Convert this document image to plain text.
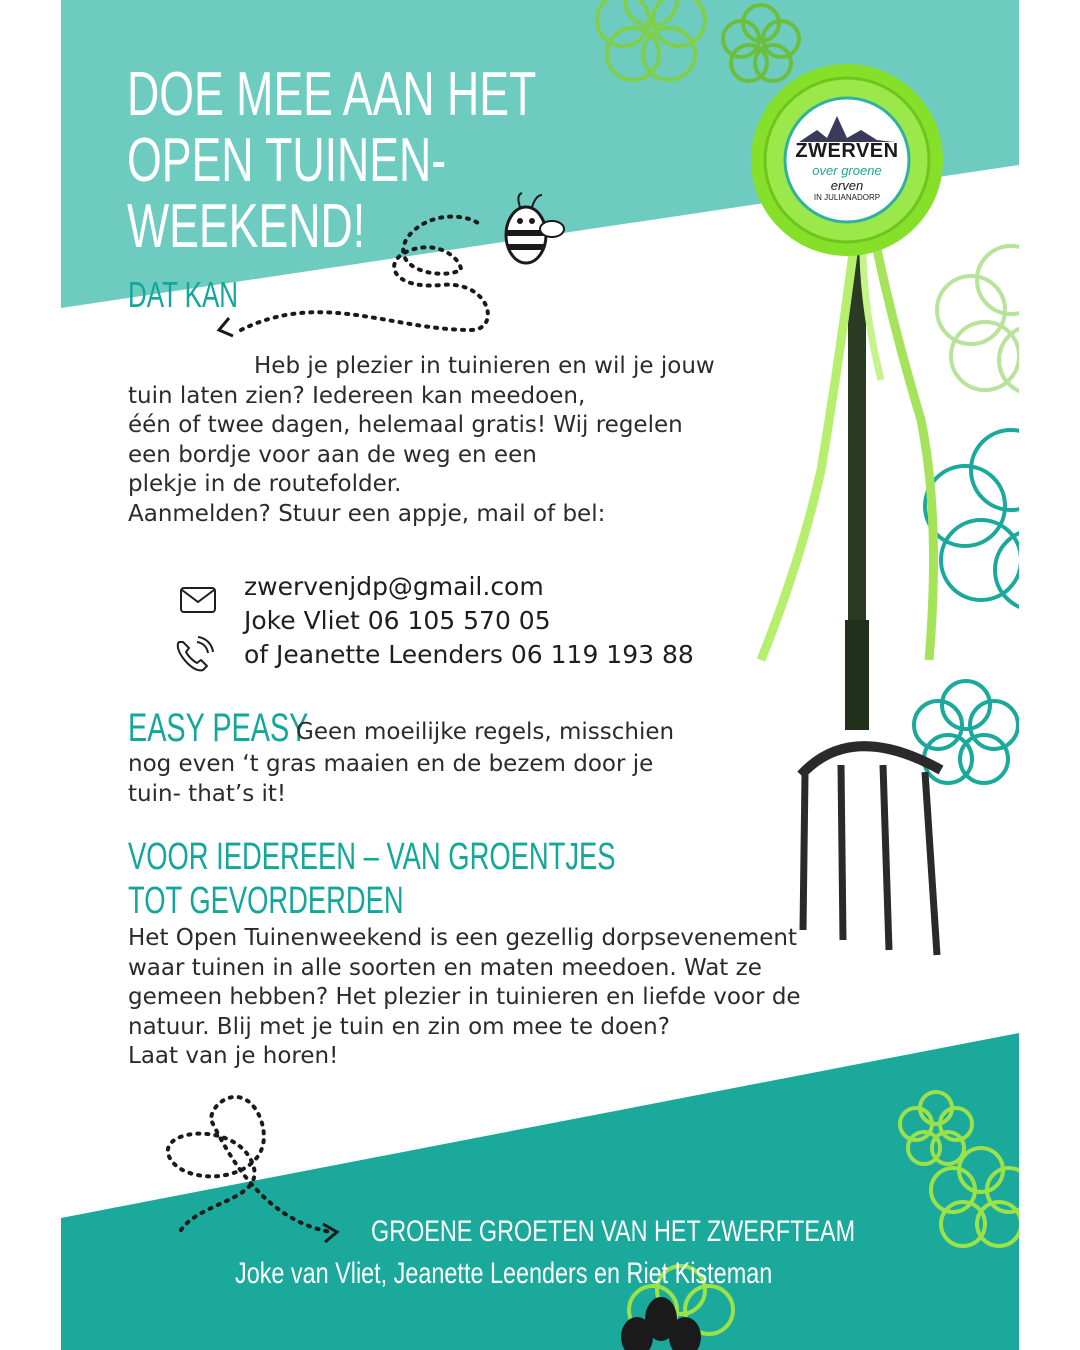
ZWERVEN
over groene
erven
IN JULIANADORP
DOE MEE AAN HET
OPEN TUINEN-
WEEKEND!
DAT KAN
Heb je plezier in tuinieren en wil je jouw
tuin laten zien? Iedereen kan meedoen,
één of twee dagen, helemaal gratis! Wij regelen
een bordje voor aan de weg en een
plekje in de routefolder.
Aanmelden? Stuur een appje, mail of bel:
zwervenjdp@gmail.com
Joke Vliet 06 105 570 05
of Jeanette Leenders 06 119 193 88
EASY PEASY
Geen moeilijke regels, misschien
nog even ‘t gras maaien en de bezem door je
tuin- that’s it!
VOOR IEDEREEN – VAN GROENTJES
TOT GEVORDERDEN
Het Open Tuinenweekend is een gezellig dorpsevenement
waar tuinen in alle soorten en maten meedoen. Wat ze
gemeen hebben? Het plezier in tuinieren en liefde voor de
natuur. Blij met je tuin en zin om mee te doen?
Laat van je horen!
GROENE GROETEN VAN HET ZWERFTEAM
Joke van Vliet, Jeanette Leenders en Riet Kisteman
